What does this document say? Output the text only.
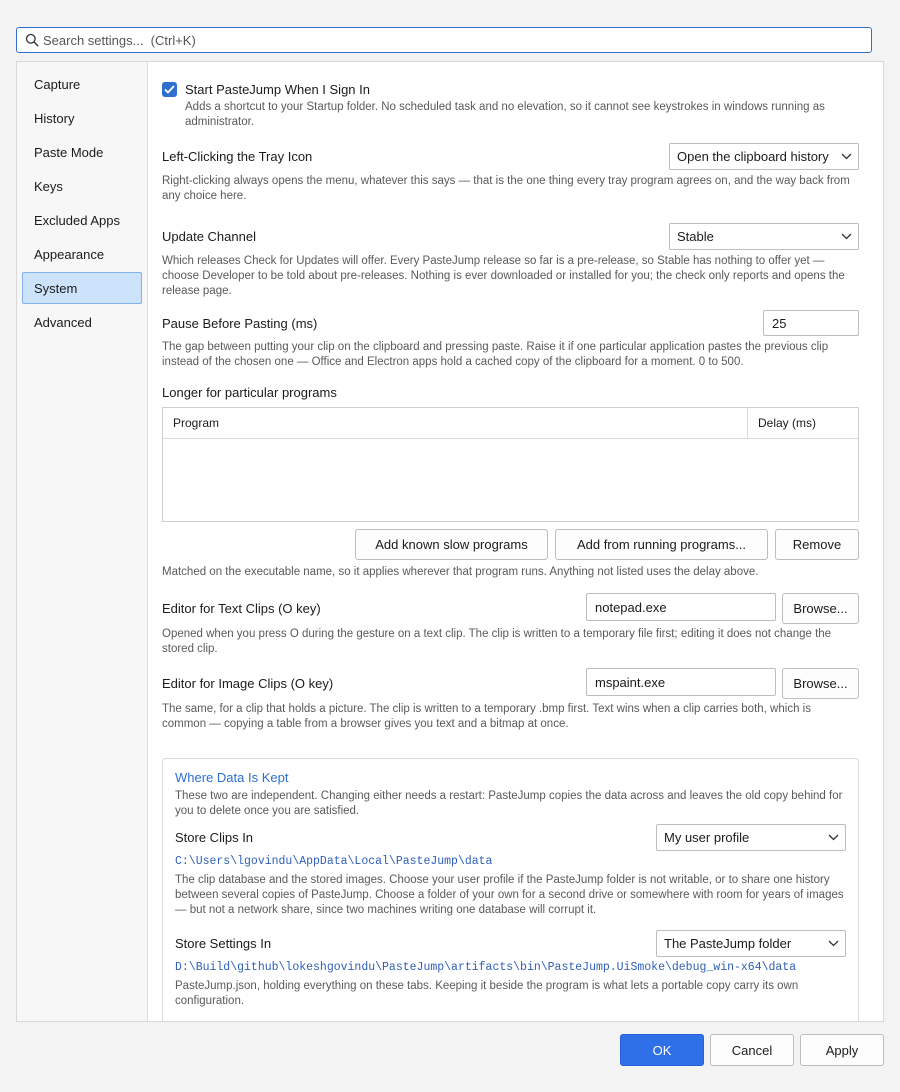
Search settings... (Ctrl+K)
Capture
History
Paste Mode
Keys
Excluded Apps
Appearance
System
Advanced
Start PasteJump When I Sign In
Adds a shortcut to your Startup folder. No scheduled task and no elevation, so it cannot see keystrokes in windows running as administrator.
Left-Clicking the Tray Icon	Open the clipboard history
Right-clicking always opens the menu, whatever this says — that is the one thing every tray program agrees on, and the way back from any choice here.
Update Channel	Stable
Which releases Check for Updates will offer. Every PasteJump release so far is a pre-release, so Stable has nothing to offer yet — choose Developer to be told about pre-releases. Nothing is ever downloaded or installed for you; the check only reports and opens the release page.
Pause Before Pasting (ms)	25
The gap between putting your clip on the clipboard and pressing paste. Raise it if one particular application pastes the previous clip instead of the chosen one — Office and Electron apps hold a cached copy of the clipboard for a moment. 0 to 500.
Longer for particular programs
Program	Delay (ms)
Add known slow programs	Add from running programs...	Remove
Matched on the executable name, so it applies wherever that program runs. Anything not listed uses the delay above.
Editor for Text Clips (O key)	notepad.exe	Browse...
Opened when you press O during the gesture on a text clip. The clip is written to a temporary file first; editing it does not change the stored clip.
Editor for Image Clips (O key)	mspaint.exe	Browse...
The same, for a clip that holds a picture. The clip is written to a temporary .bmp first. Text wins when a clip carries both, which is common — copying a table from a browser gives you text and a bitmap at once.
Where Data Is Kept
These two are independent. Changing either needs a restart: PasteJump copies the data across and leaves the old copy behind for you to delete once you are satisfied.
Store Clips In	My user profile
C:\Users\lgovindu\AppData\Local\PasteJump\data
The clip database and the stored images. Choose your user profile if the PasteJump folder is not writable, or to share one history between several copies of PasteJump. Choose a folder of your own for a second drive or somewhere with room for years of images — but not a network share, since two machines writing one database will corrupt it.
Store Settings In	The PasteJump folder
D:\Build\github\lokeshgovindu\PasteJump\artifacts\bin\PasteJump.UiSmoke\debug_win-x64\data
PasteJump.json, holding everything on these tabs. Keeping it beside the program is what lets a portable copy carry its own configuration.
OK	Cancel	Apply
